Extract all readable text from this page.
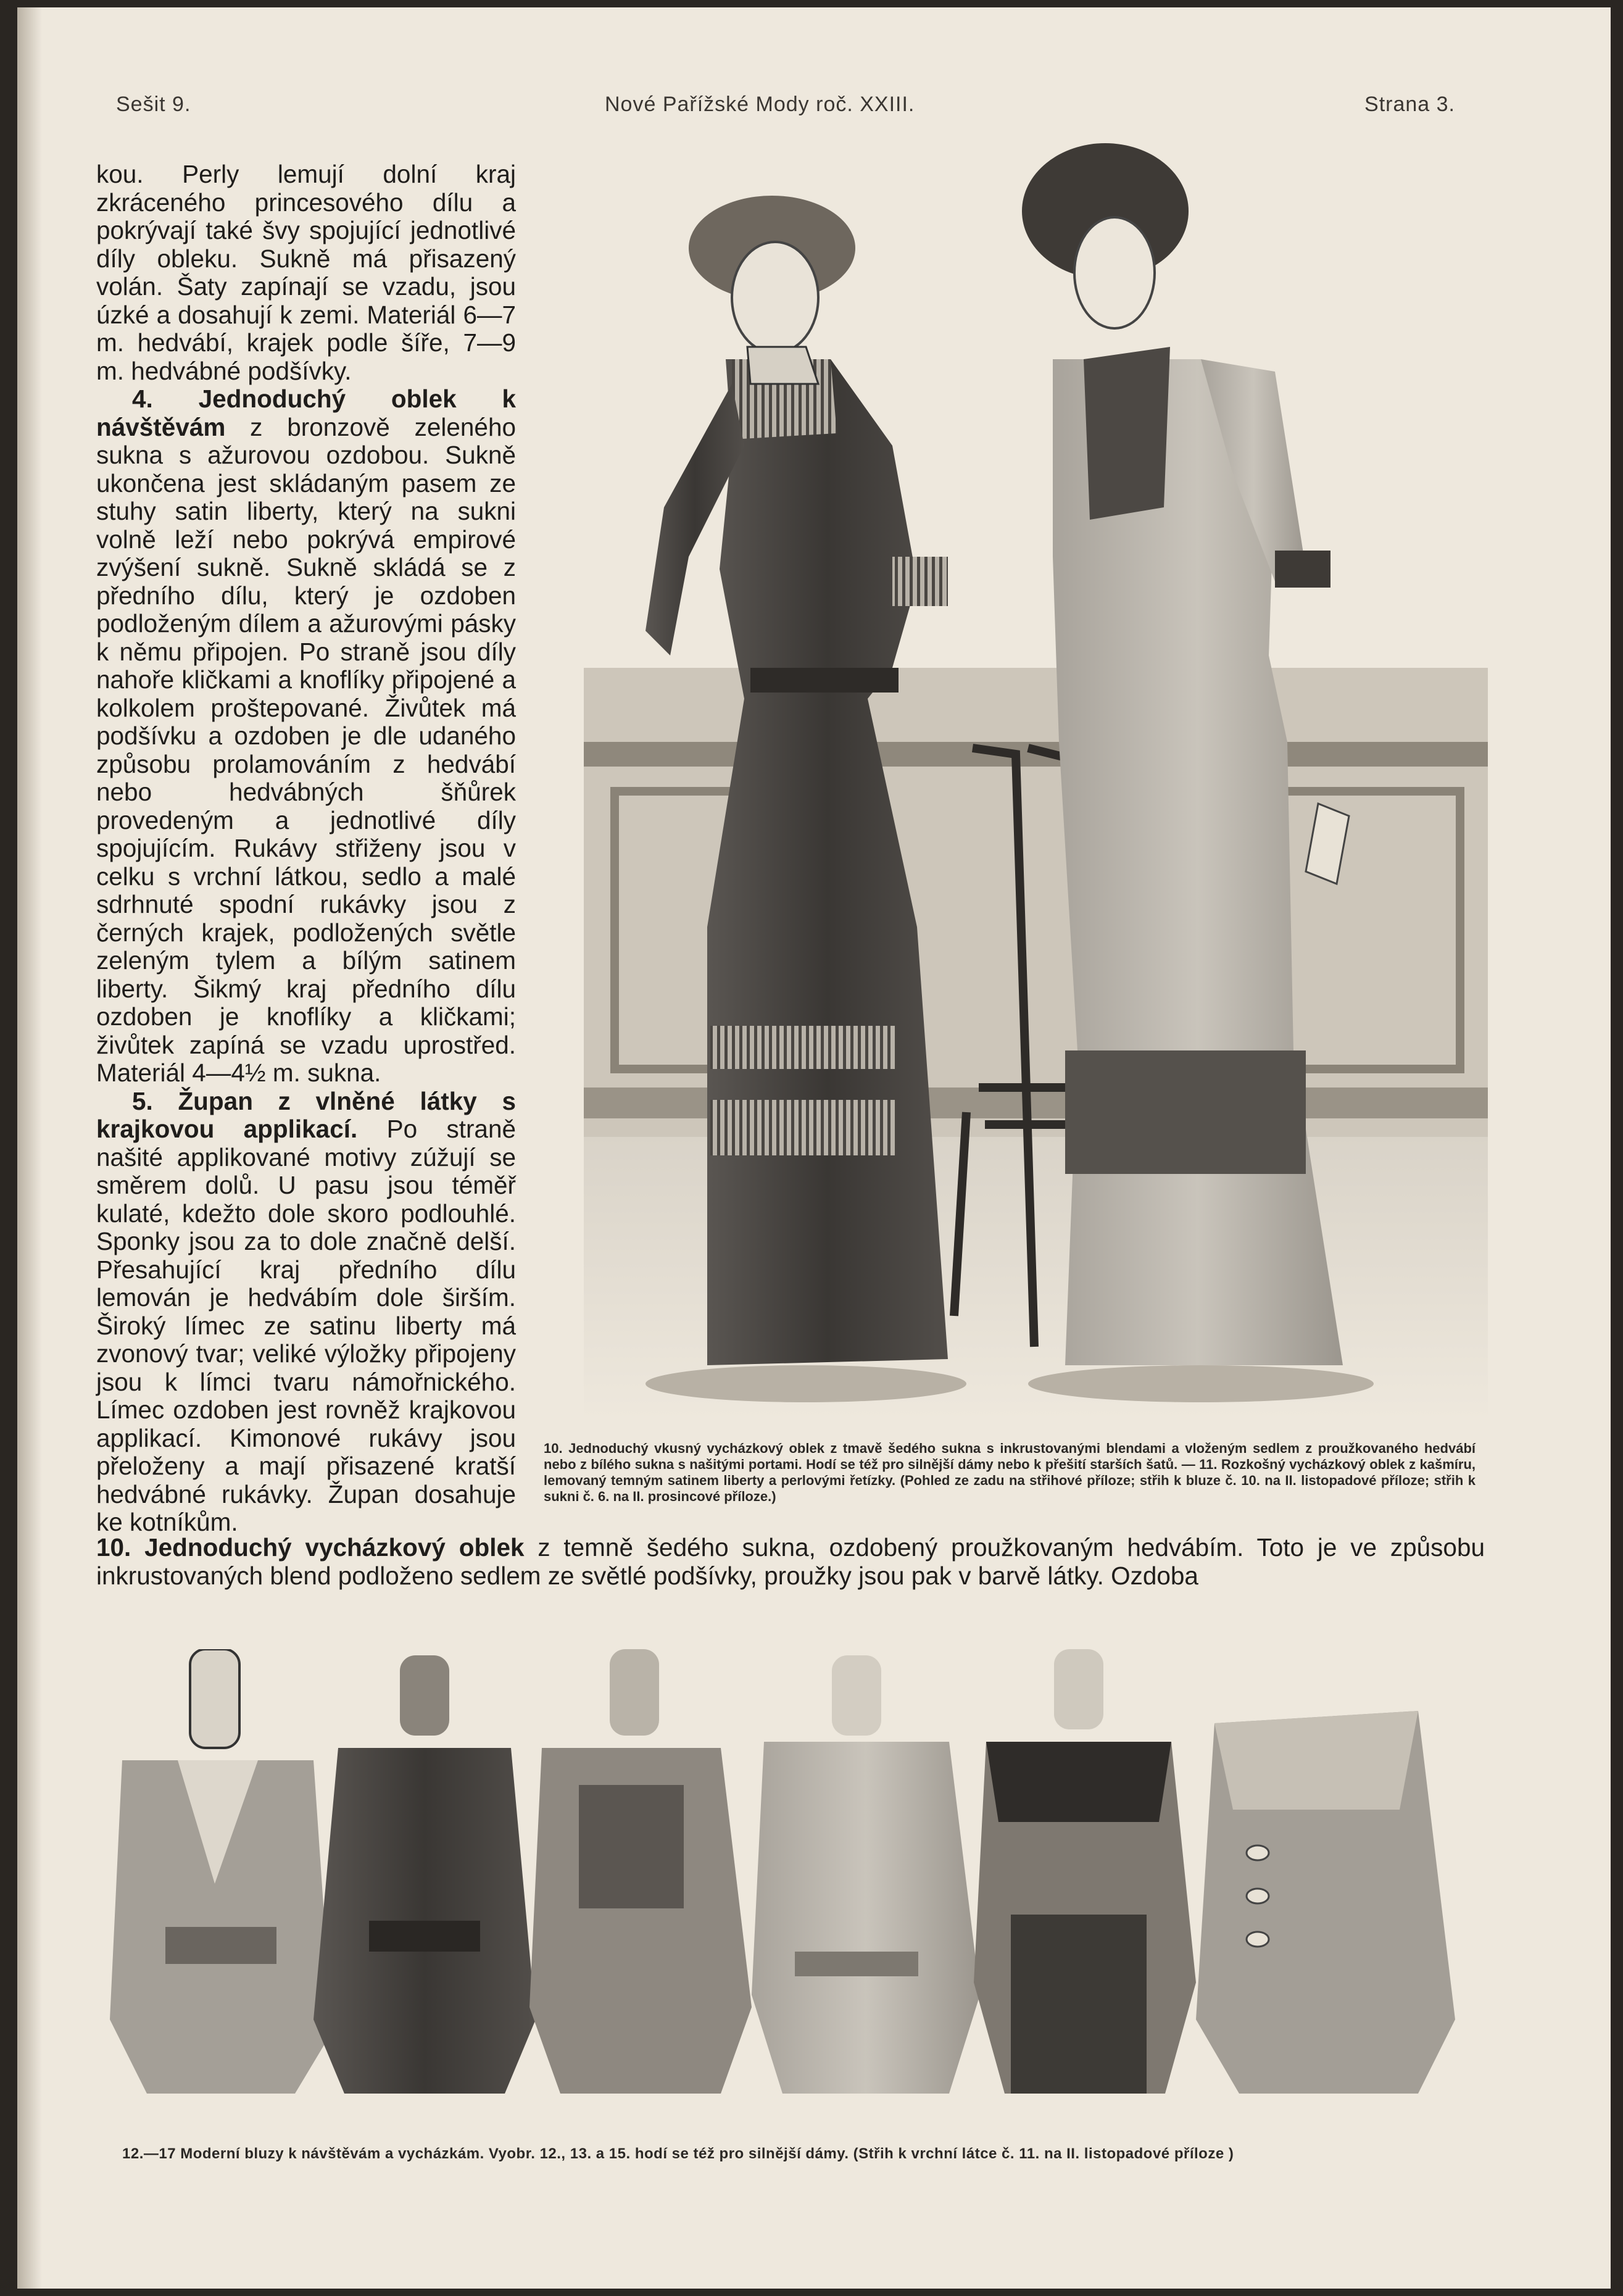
Sešit 9.	Nové Pařížské Mody roč. XXIII.	Strana 3.

kou. Perly lemují dolní kraj zkráceného princesového dílu a pokrývají také švy spojující jednotlivé díly obleku. Sukně má přisazený volán. Šaty zapínají se vzadu, jsou úzké a dosahují k zemi. Materiál 6—7 m. hedvábí, krajek podle šíře, 7—9 m. hedvábné podšívky.

4. Jednoduchý oblek k návštěvám z bronzově zeleného sukna s ažurovou ozdobou. Sukně ukončena jest skládaným pasem ze stuhy satin liberty, který na sukni volně leží nebo pokrývá empirové zvýšení sukně. Sukně skládá se z předního dílu, který je ozdoben podloženým dílem a ažurovými pásky k němu připojen. Po straně jsou díly nahoře kličkami a knoflíky připojené a kolkolem proštepované. Živůtek má podšívku a ozdoben je dle udaného způsobu prolamováním z hedvábí nebo hedvábných šňůrek provedeným a jednotlivé díly spojujícím. Rukávy střiženy jsou v celku s vrchní látkou, sedlo a malé sdrhnuté spodní rukávky jsou z černých krajek, podložených světle zeleným tylem a bílým satinem liberty. Šikmý kraj předního dílu ozdoben je knoflíky a kličkami; živůtek zapíná se vzadu uprostřed. Materiál 4—4½ m. sukna.

5. Župan z vlněné látky s krajkovou applikací. Po straně našité applikované motivy zúžují se směrem dolů. U pasu jsou téměř kulaté, kdežto dole skoro podlouhlé. Sponky jsou za to dole značně delší. Přesahující kraj předního dílu lemován je hedvábím dole širším. Široký límec ze satinu liberty má zvonový tvar; veliké výložky připojeny jsou k límci tvaru námořnického. Límec ozdoben jest rovněž krajkovou applikací. Kimonové rukávy jsou přeloženy a mají přisazené kratší hedvábné rukávky. Župan dosahuje ke kotníkům.

10. Jednoduchý vkusný vycházkový oblek z tmavě šedého sukna s inkrustovanými blendami a vloženým sedlem z proužkovaného hedvábí nebo z bílého sukna s našitými portami. Hodí se též pro silnější dámy nebo k přešití starších šatů. — 11. Rozkošný vycházkový oblek z kašmíru, lemovaný temným satinem liberty a perlovými řetízky. (Pohled ze zadu na střihové příloze; střih k bluze č. 10. na II. listopadové příloze; střih k sukni č. 6. na II. prosincové příloze.)

10. Jednoduchý vycházkový oblek z temně šedého sukna, ozdobený proužkovaným hedvábím. Toto je ve způsobu inkrustovaných blend podloženo sedlem ze světlé podšívky, proužky jsou pak v barvě látky. Ozdoba

12.—17 Moderní bluzy k návštěvám a vycházkám. Vyobr. 12., 13. a 15. hodí se též pro silnější dámy. (Střih k vrchní látce č. 11. na II. listopadové příloze )
